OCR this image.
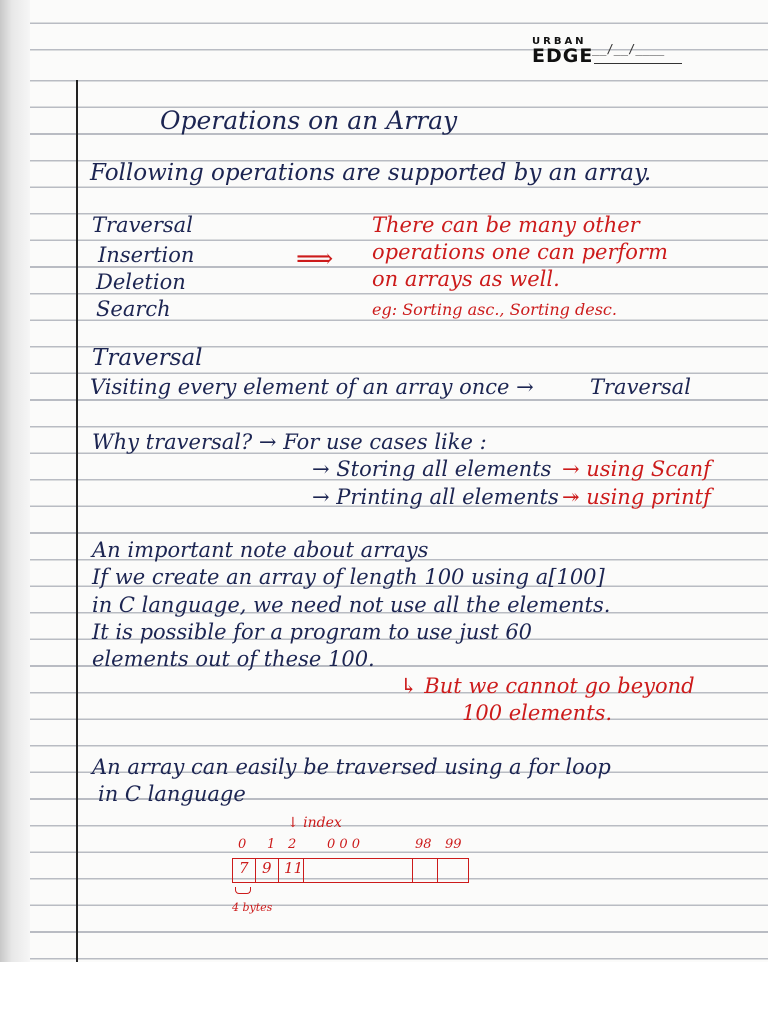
URBAN
EDGE
__/__/____
Operations on an Array
Following operations are supported by an array.
Traversal
Insertion
Deletion
Search
⟹
There can be many other
operations one can perform
on arrays as well.
eg: Sorting asc., Sorting desc.
Traversal
Visiting every element of an array once →	Traversal
Why traversal? → For use cases like :
→ Storing all elements → using Scanf
→ Printing all elements ↠ using printf
An important note about arrays
If we create an array of length 100 using a[100]
in C language, we need not use all the elements.
It is possible for a program to use just 60
elements out of these 100.
↳ But we cannot go beyond
100 elements.
An array can easily be traversed using a for loop
in C language
↓ index
0 1 2 0 0 0	98 99
7 9 11
4 bytes
